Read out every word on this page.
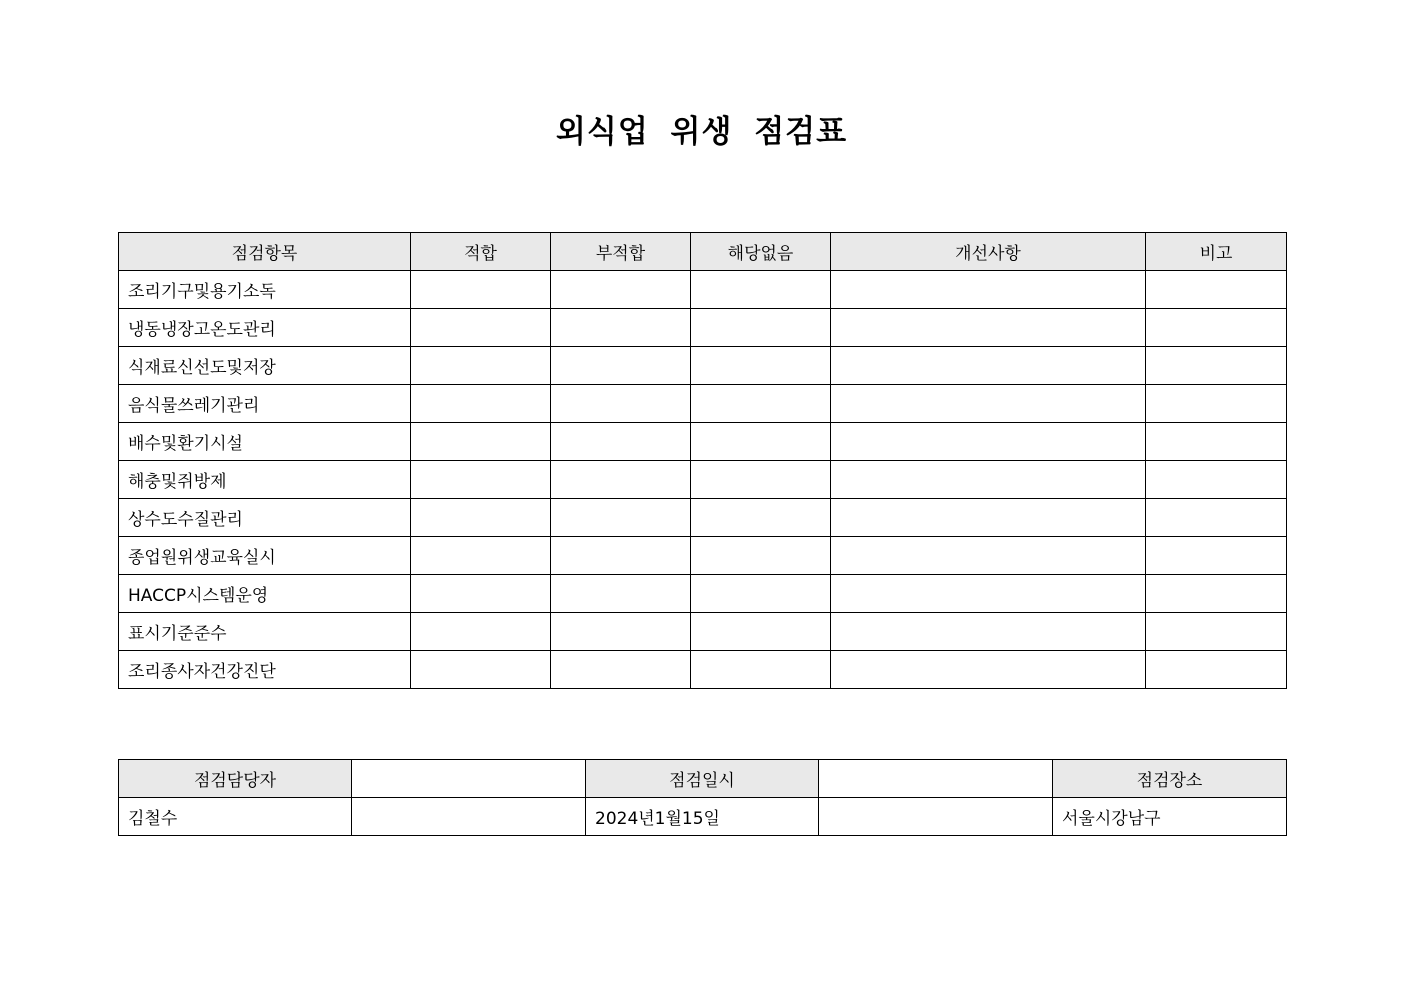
외식업 위생 점검표
점검항목	적합	부적합	해당없음	개선사항	비고
조리기구및용기소독					
냉동냉장고온도관리					
식재료신선도및저장					
음식물쓰레기관리					
배수및환기시설					
해충및쥐방제					
상수도수질관리					
종업원위생교육실시					
HACCP시스템운영					
표시기준준수					
조리종사자건강진단					
점검담당자		점검일시		점검장소
김철수		2024년1월15일		서울시강남구
